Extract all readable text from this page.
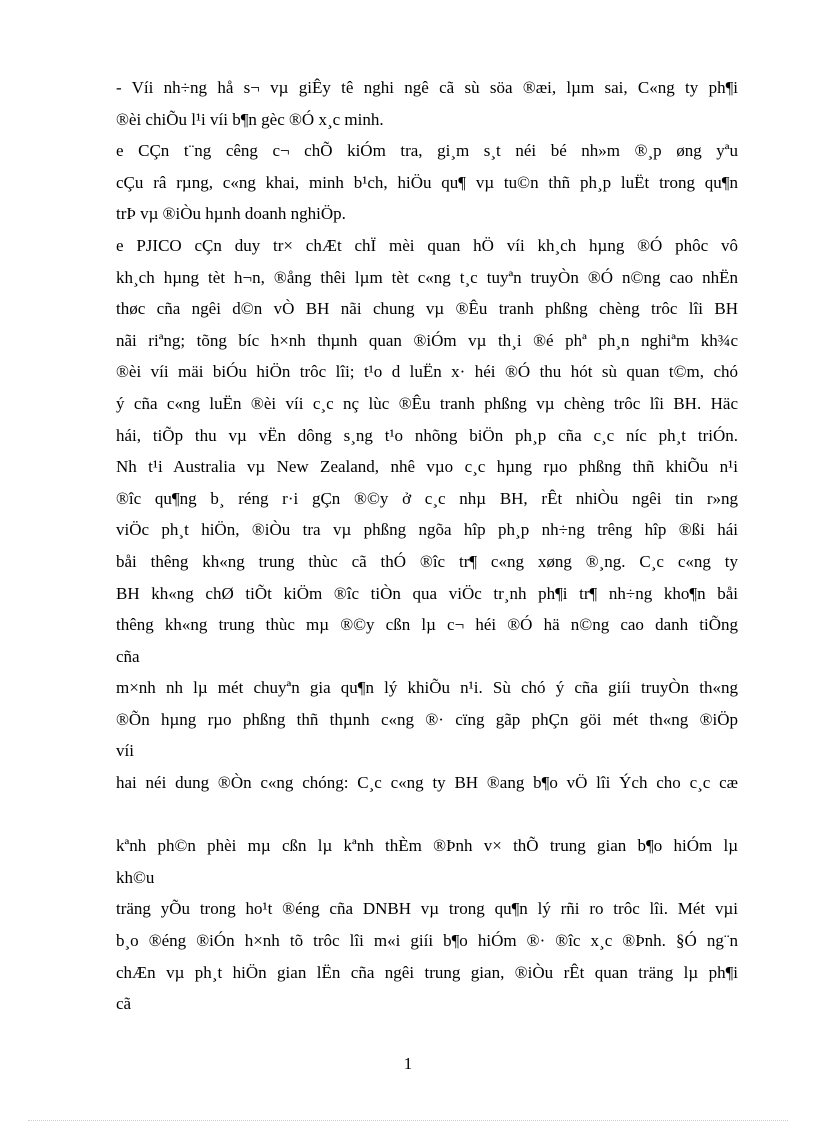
- Víi nh÷ng hå s¬ vµ giÊy tê nghi ngê cã sù söa ®æi, lµm sai, C«ng ty ph¶i
®èi chiÕu l¹i víi b¶n gèc ®Ó x¸c minh.
e CÇn t¨ng cêng c¬ chÕ kiÓm tra, gi¸m s¸t néi bé nh»m ®¸p øng yªu
cÇu râ rµng, c«ng khai, minh b¹ch, hiÖu qu¶ vµ tu©n thñ ph¸p luËt trong qu¶n
trÞ vµ ®iÒu hµnh doanh nghiÖp.
e PJICO cÇn duy tr× chÆt chÏ mèi quan hÖ víi kh¸ch hµng ®Ó phôc vô
kh¸ch hµng tèt h¬n, ®ång thêi lµm tèt c«ng t¸c tuyªn truyÒn ®Ó n©ng cao nhËn
thøc cña ngêi d©n vÒ BH nãi chung vµ ®Êu tranh phßng chèng trôc lîi BH
nãi riªng; tõng bíc h×nh thµnh quan ®iÓm vµ th¸i ®é phª ph¸n nghiªm kh¾c
®èi víi mäi biÓu hiÖn trôc lîi; t¹o d luËn x· héi ®Ó thu hót sù quan t©m, chó
ý cña c«ng luËn ®èi víi c¸c nç lùc ®Êu tranh phßng vµ chèng trôc lîi BH. Häc
hái, tiÕp thu vµ vËn dông s¸ng t¹o nhõng biÖn ph¸p cña c¸c níc ph¸t triÓn.
Nh t¹i Australia vµ New Zealand, nhê vµo c¸c hµng rµo phßng thñ khiÕu n¹i
®îc qu¶ng b¸ réng r·i gÇn ®©y ở c¸c nhµ BH, rÊt nhiÒu ngêi tin r»ng
viÖc ph¸t hiÖn, ®iÒu tra vµ phßng ngõa hîp ph¸p nh÷ng trêng hîp ®ßi hái
båi thêng kh«ng trung thùc cã thÓ ®îc tr¶ c«ng xøng ®¸ng. C¸c c«ng ty
BH kh«ng chØ tiÕt kiÖm ®îc tiÒn qua viÖc tr¸nh ph¶i tr¶ nh÷ng kho¶n båi
thêng kh«ng trung thùc mµ ®©y cßn lµ c¬ héi ®Ó hä n©ng cao danh tiÕng
cña
m×nh nh lµ mét chuyªn gia qu¶n lý khiÕu n¹i. Sù chó ý cña giíi truyÒn th«ng
®Õn hµng rµo phßng thñ thµnh c«ng ®· cïng gãp phÇn göi mét th«ng ®iÖp
víi
hai néi dung ®Òn c«ng chóng: C¸c c«ng ty BH ®ang b¶o vÖ lîi Ých cho c¸c cæ
kªnh ph©n phèi mµ cßn lµ kªnh thÈm ®Þnh v× thÕ trung gian b¶o hiÓm lµ
kh©u
träng yÕu trong ho¹t ®éng cña DNBH vµ trong qu¶n lý rñi ro trôc lîi. Mét vµi
b¸o ®éng ®iÓn h×nh tõ trôc lîi m«i giíi b¶o hiÓm ®· ®îc x¸c ®Þnh. §Ó ng¨n
chÆn vµ ph¸t hiÖn gian lËn cña ngêi trung gian, ®iÒu rÊt quan träng lµ ph¶i
cã
1
